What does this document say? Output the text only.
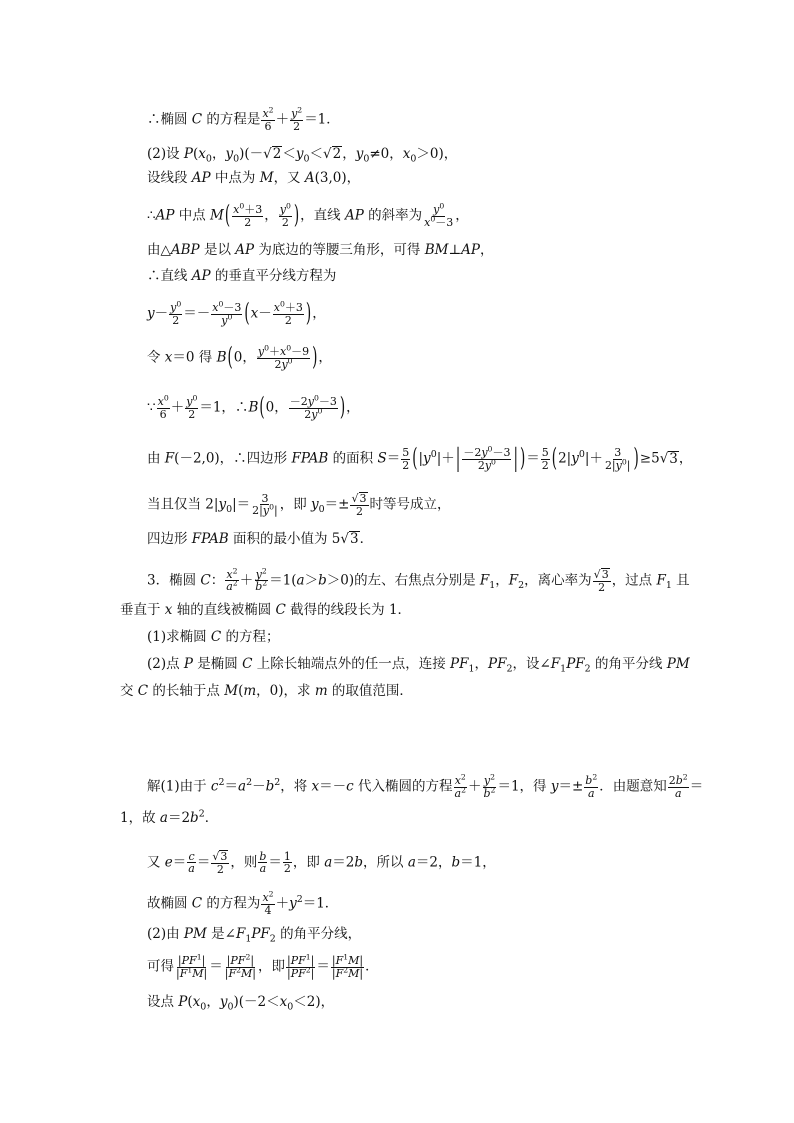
∴椭圆 C 的方程是 $\frac{x^2}{6} + \frac{y^2}{2} =1$．
(2)设 $P(x_0$，$y_0)(-√2<y_0<√2$，$y_0\ne 0$，$x_0>0$)，
设线段 AP 中点为 M，又 A(3,0)，
∴AP 中点 $M( \frac{x^0+3}{2}$ ， $\frac{y^0}{2}$ )，直线 AP 的斜率为 $\frac{y^0}{x^0-3}$ ，
由△ABP 是以 AP 为底边的等腰三角形，可得 BM⊥AP，
∴直线 AP 的垂直平分线方程为
$y- \frac{y^0}{2} =- \frac{x^0-3}{y^0} (x- \frac{x^0+3}{2}$ )，
令 x＝0 得 B(0， $\frac{y^0+x^0-9}{2y^0}$ )，
∵ $\frac{x^0}{6} + \frac{y^0}{2} =1$，∴B(0， $\frac{-2y^0-3}{2y^0}$ )，
由 F(－2,0)，∴四边形 FPAB 的面积 $S= \frac{5}{2} (|y^0|+| \frac{-2y^0-3}{2y^0}$ | )＝ $\frac{5}{2} (2|y^0|+ \frac{3}{2|y^0|} )\ge 5√3$，
当且仅当 $2|y_0|= \frac{3}{2|y^0|}$ ，即 $y_0=\pm \frac{√3}{2}$ 时等号成立，
四边形 FPAB 面积的最小值为 5√3．
3．椭圆 C： $\frac{x^2}{a^2} + \frac{y^2}{b^2} =1(a>b>0)$的左、右焦点分别是 $F_1$，$F_2$，离心率为 $\frac{√3}{2}$ ，过点 $F_1$ 且
垂直于 x 轴的直线被椭圆 C 截得的线段长为 1．
(1)求椭圆 C 的方程；
(2)点 P 是椭圆 C 上除长轴端点外的任一点，连接 $PF_1$，$PF_2$，设$\angle F_1PF_2$ 的角平分线 PM
交 C 的长轴于点 M(m，0)，求 m 的取值范围．
解(1)由于 $c^2=a^2-b^2$，将 x＝－c 代入椭圆的方程 $\frac{x^2}{a^2} + \frac{y^2}{b^2} =1$，得 $y=\pm \frac{b^2}{a}$ ．由题意知 $\frac{2b^2}{a}$ ＝
1，故 $a=2b^2$．
又 $e= \frac{c}{a} = \frac{√3}{2}$ ，则 $\frac{b}{a} = \frac{1}{2}$ ，即 a＝2b，所以 a＝2，b＝1，
故椭圆 C 的方程为 $\frac{x^2}{4} +y^2=1$．
(2)由 PM 是$\angle F_1PF_2$ 的角平分线，
可得 $\frac{|PF^1|}{|F^1M|} = \frac{|PF^2|}{|F^2M|}$ ，即 $\frac{|PF^1|}{|PF^2|} = \frac{|F^1M|}{|F^2M|}$ ．
设点 $P(x_0$，$y_0)(-2<x_0<2)$，
